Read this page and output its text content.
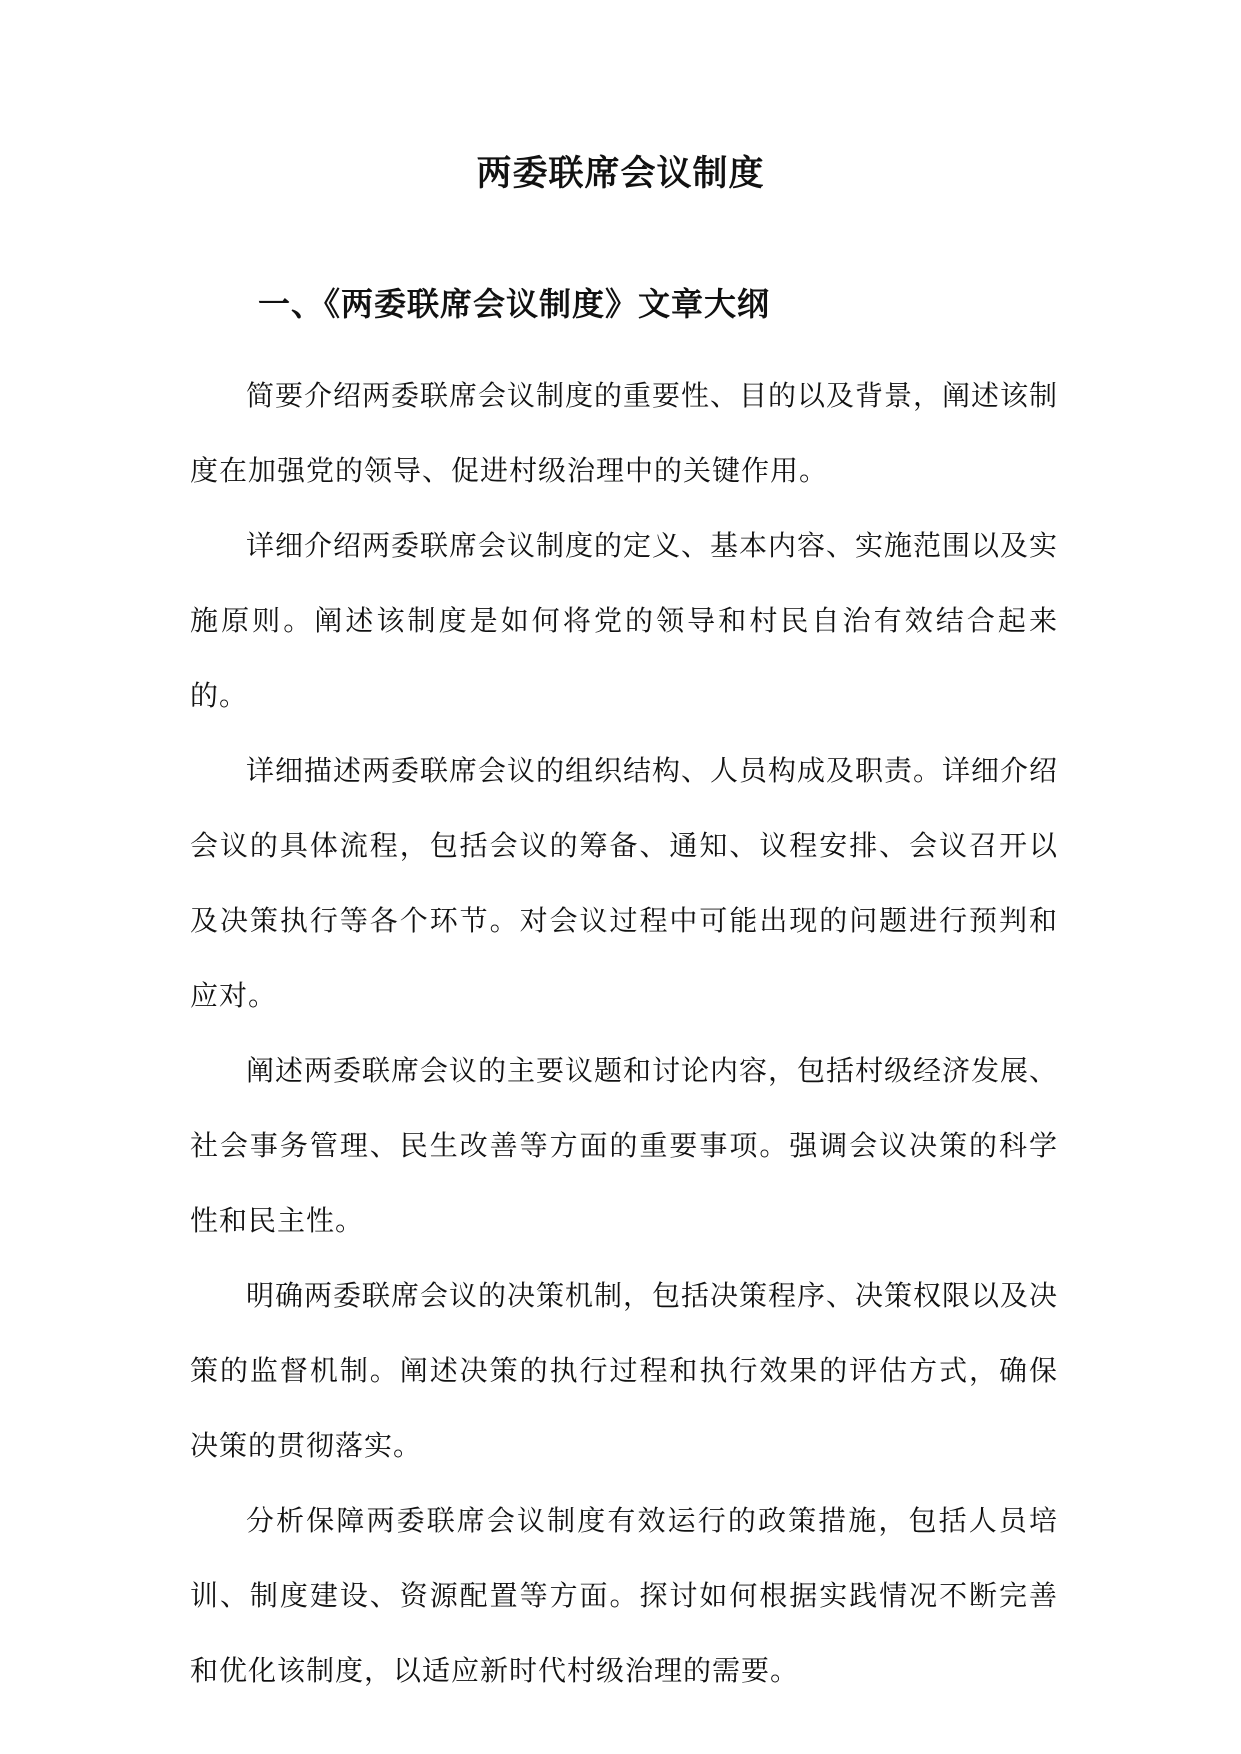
两委联席会议制度
一、《两委联席会议制度》文章大纲

简要介绍两委联席会议制度的重要性、目的以及背景，阐述该制度在加强党的领导、促进村级治理中的关键作用。

详细介绍两委联席会议制度的定义、基本内容、实施范围以及实施原则。阐述该制度是如何将党的领导和村民自治有效结合起来的。

详细描述两委联席会议的组织结构、人员构成及职责。详细介绍会议的具体流程，包括会议的筹备、通知、议程安排、会议召开以及决策执行等各个环节。对会议过程中可能出现的问题进行预判和应对。

阐述两委联席会议的主要议题和讨论内容，包括村级经济发展、社会事务管理、民生改善等方面的重要事项。强调会议决策的科学性和民主性。

明确两委联席会议的决策机制，包括决策程序、决策权限以及决策的监督机制。阐述决策的执行过程和执行效果的评估方式，确保决策的贯彻落实。

分析保障两委联席会议制度有效运行的政策措施，包括人员培训、制度建设、资源配置等方面。探讨如何根据实践情况不断完善和优化该制度，以适应新时代村级治理的需要。
